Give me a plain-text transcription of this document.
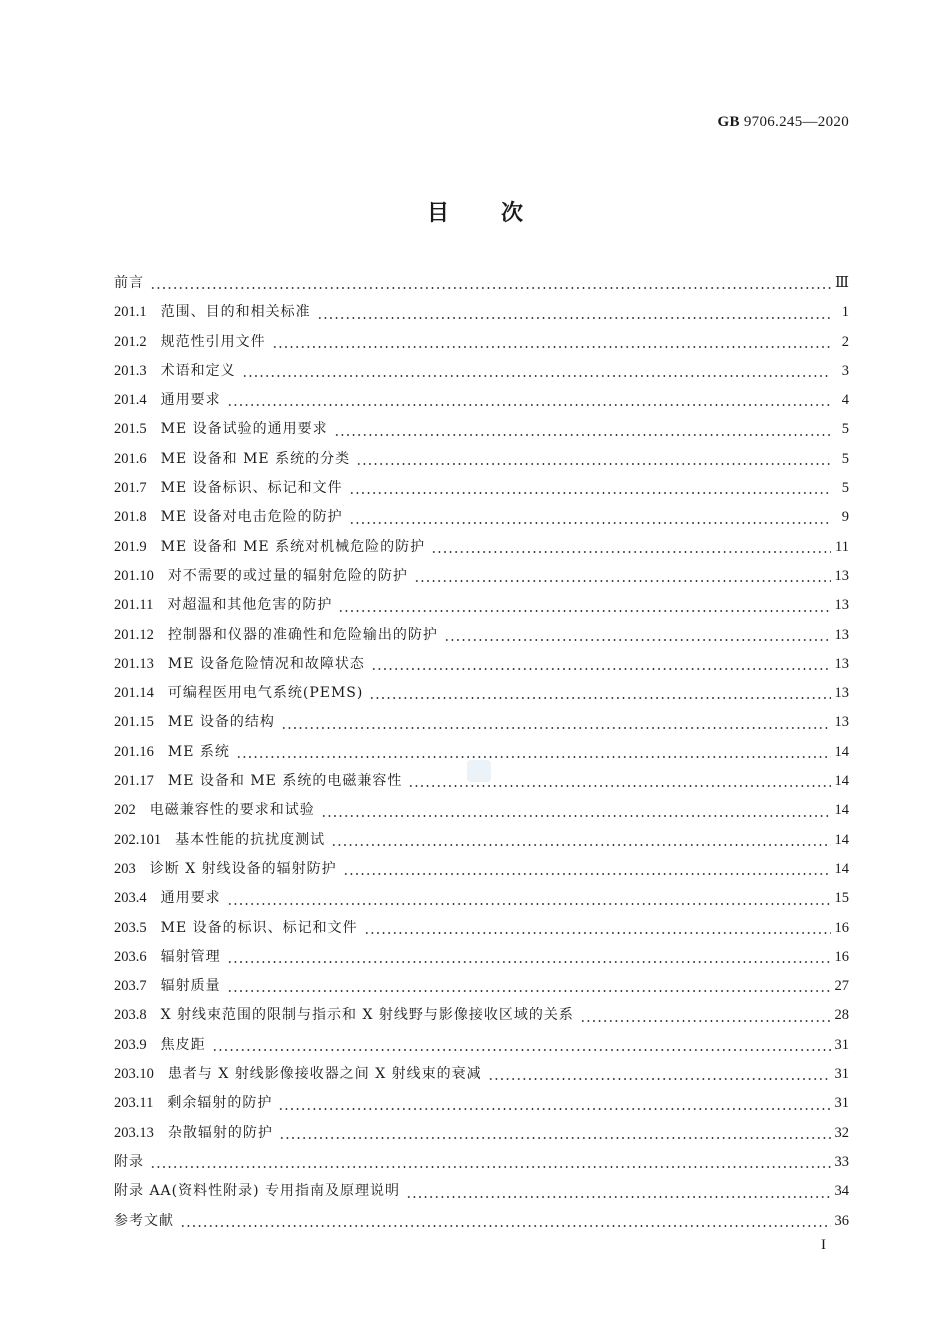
GB 9706.245—2020
目次
前言	Ⅲ
201.1	范围、目的和相关标准	1
201.2	规范性引用文件	2
201.3	术语和定义	3
201.4	通用要求	4
201.5	ME 设备试验的通用要求	5
201.6	ME 设备和 ME 系统的分类	5
201.7	ME 设备标识、标记和文件	5
201.8	ME 设备对电击危险的防护	9
201.9	ME 设备和 ME 系统对机械危险的防护	11
201.10	对不需要的或过量的辐射危险的防护	13
201.11	对超温和其他危害的防护	13
201.12	控制器和仪器的准确性和危险输出的防护	13
201.13	ME 设备危险情况和故障状态	13
201.14	可编程医用电气系统(PEMS)	13
201.15	ME 设备的结构	13
201.16	ME 系统	14
201.17	ME 设备和 ME 系统的电磁兼容性	14
202	电磁兼容性的要求和试验	14
202.101	基本性能的抗扰度测试	14
203	诊断 X 射线设备的辐射防护	14
203.4	通用要求	15
203.5	ME 设备的标识、标记和文件	16
203.6	辐射管理	16
203.7	辐射质量	27
203.8	X 射线束范围的限制与指示和 X 射线野与影像接收区域的关系	28
203.9	焦皮距	31
203.10	患者与 X 射线影像接收器之间 X 射线束的衰减	31
203.11	剩余辐射的防护	31
203.13	杂散辐射的防护	32
附录	33
附录 AA(资料性附录) 专用指南及原理说明	34
参考文献	36
I
